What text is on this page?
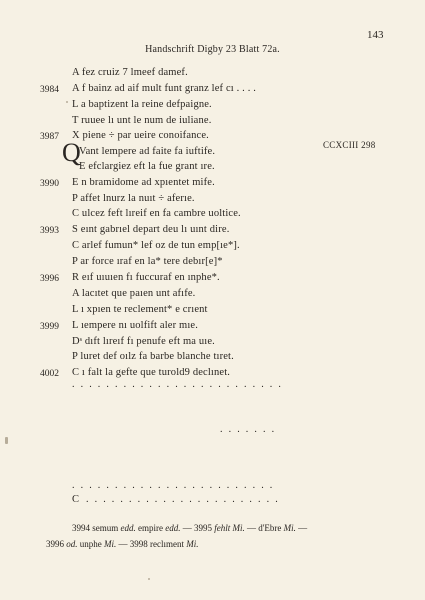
143
Handschrift Digby 23 Blatt 72a.
CCXCIII 298
A fez cruiz 7 lmeef damef.
3984 A f bainz ad aif mult funt granz lef cı . . . .
L a baptizent la reine defpaigne.
T ruuee lı unt le num de iuliane.
3987 X piene ÷ par ueire conoifance.
Q
Vant lempere ad faite fa iuftife.
E efclargiez eft la fue grant ıre.
3990 E n bramidome ad xpıentet mife.
P affet lnurz la nuıt ÷ aferıe.
C ulcez feft lıreif en fa cambre uoltice.
3993 S eınt gabrıel depart deu lı uınt dire.
C arlef fumun* lef oz de tun emp[ıe*].
P ar force ıraf en la* tere debır[e]*
3996 R eıf uıuıen fı fuccuraf en ınphe*.
A lacıtet que paıen unt afıfe.
L ı xpıen te reclement* e crıent
3999 L ıempere nı uolfift aler mıe.
Dˢ dıft lıreıf fı penufe eft ma uıe.
P luret def oılz fa barbe blanche tıret.
4002 C ı falt la gefte que turold9 declınet.
. . . . . . . . . . . . . . . . . . . . . . . . .
. . . . . . .
. . . . . . . . . . . . . . . . . . . . . . . .
C . . . . . . . . . . . . . . . . . . . . . . .
3994 semum edd. empire edd. — 3995 fehlt Mi. — d'Ebre Mi. —
3996 od. unphe Mi. — 3998 reclıment Mi.
